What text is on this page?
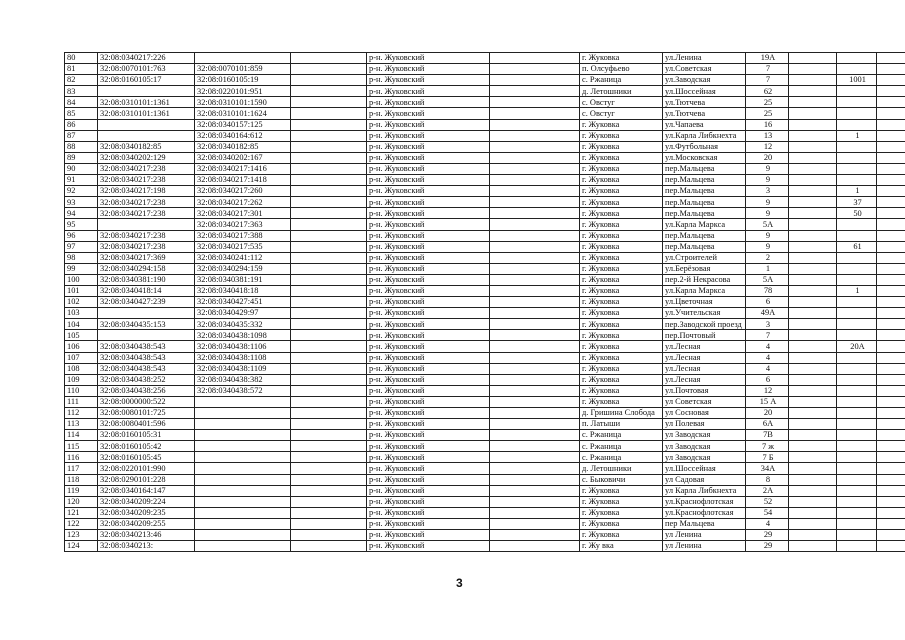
80	32:08:0340217:226			р-н. Жуковский		г. Жуковка	ул.Ленина	19А			
81	32:08:0070101:763	32:08:0070101:859		р-н. Жуковский		п. Олсуфьево	ул.Советская	7			
82	32:08:0160105:17	32:08:0160105:19		р-н. Жуковский		с. Ржаница	ул.Заводская	7		1001	
83		32:08:0220101:951		р-н. Жуковский		д. Летошники	ул.Шоссейная	62			
84	32:08:0310101:1361	32:08:0310101:1590		р-н. Жуковский		с. Овстуг	ул.Тютчева	25			
85	32:08:0310101:1361	32:08:0310101:1624		р-н. Жуковский		с. Овстуг	ул.Тютчева	25			
86		32:08:0340157:125		р-н. Жуковский		г. Жуковка	ул.Чапаева	16			
87		32:08:0340164:612		р-н. Жуковский		г. Жуковка	ул.Карла Либкнехта	13		1	
88	32:08:0340182:85	32:08:0340182:85		р-н. Жуковский		г. Жуковка	ул.Футбольная	12			
89	32:08:0340202:129	32:08:0340202:167		р-н. Жуковский		г. Жуковка	ул.Московская	20			
90	32:08:0340217:238	32:08:0340217:1416		р-н. Жуковский		г. Жуковка	пер.Мальцева	9			
91	32:08:0340217:238	32:08:0340217:1418		р-н. Жуковский		г. Жуковка	пер.Мальцева	9			
92	32:08:0340217:198	32:08:0340217:260		р-н. Жуковский		г. Жуковка	пер.Мальцева	3		1	
93	32:08:0340217:238	32:08:0340217:262		р-н. Жуковский		г. Жуковка	пер.Мальцева	9		37	
94	32:08:0340217:238	32:08:0340217:301		р-н. Жуковский		г. Жуковка	пер.Мальцева	9		50	
95		32:08:0340217:363		р-н. Жуковский		г. Жуковка	ул.Карла Маркса	5А			
96	32:08:0340217:238	32:08:0340217:388		р-н. Жуковский		г. Жуковка	пер.Мальцева	9			
97	32:08:0340217:238	32:08:0340217:535		р-н. Жуковский		г. Жуковка	пер.Мальцева	9		61	
98	32:08:0340217:369	32:08:0340241:112		р-н. Жуковский		г. Жуковка	ул.Строителей	2			
99	32:08:0340294:158	32:08:0340294:159		р-н. Жуковский		г. Жуковка	ул.Берёзовая	1			
100	32:08:0340381:190	32:08:0340381:191		р-н. Жуковский		г. Жуковка	пер.2-й Некрасова	5А			
101	32:08:0340418:14	32:08:0340418:18		р-н. Жуковский		г. Жуковка	ул.Карла Маркса	78		1	
102	32:08:0340427:239	32:08:0340427:451		р-н. Жуковский		г. Жуковка	ул.Цветочная	6			
103		32:08:0340429:97		р-н. Жуковский		г. Жуковка	ул.Учительская	49А			
104	32:08:0340435:153	32:08:0340435:332		р-н. Жуковский		г. Жуковка	пер.Заводской проезд	3			
105		32:08:0340438:1098		р-н. Жуковский		г. Жуковка	пер.Почтовый	7			
106	32:08:0340438:543	32:08:0340438:1106		р-н. Жуковский		г. Жуковка	ул.Лесная	4		20А	
107	32:08:0340438:543	32:08:0340438:1108		р-н. Жуковский		г. Жуковка	ул.Лесная	4			
108	32:08:0340438:543	32:08:0340438:1109		р-н. Жуковский		г. Жуковка	ул.Лесная	4			
109	32:08:0340438:252	32:08:0340438:382		р-н. Жуковский		г. Жуковка	ул.Лесная	6			
110	32:08:0340438:256	32:08:0340438:572		р-н. Жуковский		г. Жуковка	ул.Почтовая	12			
111	32:08:0000000:522			р-н. Жуковский		г. Жуковка	ул Советская	15 А			
112	32:08:0080101:725			р-н. Жуковский		д. Гришина Слобода	ул Сосновая	20			
113	32:08:0080401:596			р-н. Жуковский		п. Латыши	ул Полевая	6А			
114	32:08:0160105:31			р-н. Жуковский		с. Ржаница	ул Заводская	7В			
115	32:08:0160105:42			р-н. Жуковский		с. Ржаница	ул Заводская	7 ж			
116	32:08:0160105:45			р-н. Жуковский		с. Ржаница	ул Заводская	7 Б			
117	32:08:0220101:990			р-н. Жуковский		д. Летошники	ул.Шоссейная	34А			
118	32:08:0290101:228			р-н. Жуковский		с. Быковичи	ул Садовая	8			
119	32:08:0340164:147			р-н. Жуковский		г. Жуковка	ул Карла Либкнехта	2А			
120	32:08:0340209:224			р-н. Жуковский		г. Жуковка	ул.Краснофлотская	52			
121	32:08:0340209:235			р-н. Жуковский		г. Жуковка	ул.Краснофлотская	54			
122	32:08:0340209:255			р-н. Жуковский		г. Жуковка	пер Мальцева	4			
123	32:08:0340213:46			р-н. Жуковский		г. Жуковка	ул Ленина	29			
124	32:08:0340213:			р-н. Жуковский		г. Жу вка	ул Ленина	29			
3
